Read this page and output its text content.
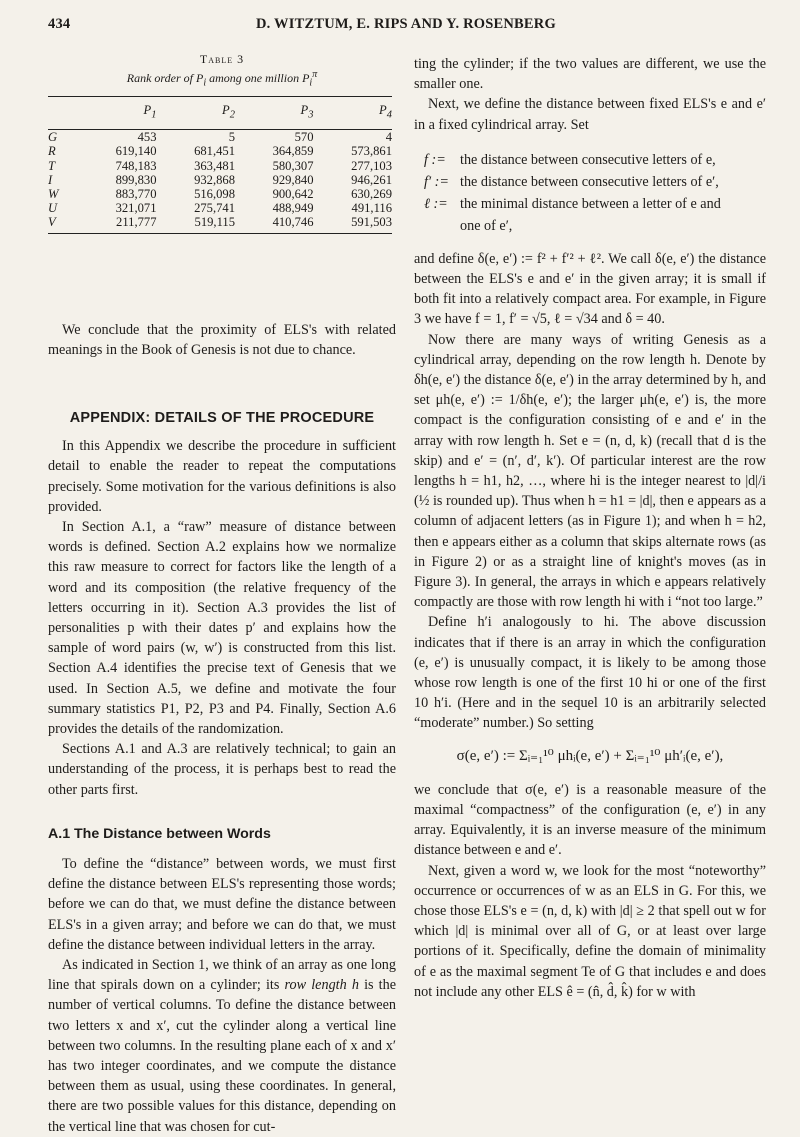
434	D. WITZTUM, E. RIPS AND Y. ROSENBERG
Table 3
Rank order of $P_i$ among one million $P_i^\pi$
	$P_1$	$P_2$	$P_3$	$P_4$
G	453	5	570	4
R	619,140	681,451	364,859	573,861
T	748,183	363,481	580,307	277,103
I	899,830	932,868	929,840	946,261
W	883,770	516,098	900,642	630,269
U	321,071	275,741	488,949	491,116
V	211,777	519,115	410,746	591,503

We conclude that the proximity of ELS's with related meanings in the Book of Genesis is not due to chance.

APPENDIX: DETAILS OF THE PROCEDURE

In this Appendix we describe the procedure in sufficient detail to enable the reader to repeat the computations precisely. Some motivation for the various definitions is also provided.

In Section A.1, a “raw” measure of distance between words is defined. Section A.2 explains how we normalize this raw measure to correct for factors like the length of a word and its composition (the relative frequency of the letters occurring in it). Section A.3 provides the list of personalities p with their dates p′ and explains how the sample of word pairs (w, w′) is constructed from this list. Section A.4 identifies the precise text of Genesis that we used. In Section A.5, we define and motivate the four summary statistics P1, P2, P3 and P4. Finally, Section A.6 provides the details of the randomization.

Sections A.1 and A.3 are relatively technical; to gain an understanding of the process, it is perhaps best to read the other parts first.

A.1 The Distance between Words

To define the “distance” between words, we must first define the distance between ELS's representing those words; before we can do that, we must define the distance between ELS's in a given array; and before we can do that, we must define the distance between individual letters in the array.

As indicated in Section 1, we think of an array as one long line that spirals down on a cylinder; its row length h is the number of vertical columns. To define the distance between two letters x and x′, cut the cylinder along a vertical line between two columns. In the resulting plane each of x and x′ has two integer coordinates, and we compute the distance between them as usual, using these coordinates. In general, there are two possible values for this distance, depending on the vertical line that was chosen for cut-

ting the cylinder; if the two values are different, we use the smaller one.

Next, we define the distance between fixed ELS's e and e′ in a fixed cylindrical array. Set

f :=	the distance between consecutive letters of e,
f′ := the distance between consecutive letters of e′,
ℓ := the minimal distance between a letter of e and
one of e′,

and define δ(e, e′) := f² + f′² + ℓ². We call δ(e, e′) the distance between the ELS's e and e′ in the given array; it is small if both fit into a relatively compact area. For example, in Figure 3 we have f = 1, f′ = √5, ℓ = √34 and δ = 40.

Now there are many ways of writing Genesis as a cylindrical array, depending on the row length h. Denote by δh(e, e′) the distance δ(e, e′) in the array determined by h, and set μh(e, e′) := 1/δh(e, e′); the larger μh(e, e′) is, the more compact is the configuration consisting of e and e′ in the array with row length h. Set e = (n, d, k) (recall that d is the skip) and e′ = (n′, d′, k′). Of particular interest are the row lengths h = h1, h2, …, where hi is the integer nearest to |d|/i (½ is rounded up). Thus when h = h1 = |d|, then e appears as a column of adjacent letters (as in Figure 1); and when h = h2, then e appears either as a column that skips alternate rows (as in Figure 2) or as a straight line of knight's moves (as in Figure 3). In general, the arrays in which e appears relatively compactly are those with row length hi with i “not too large.”

Define h′i analogously to hi. The above discussion indicates that if there is an array in which the configuration (e, e′) is unusually compact, it is likely to be among those whose row length is one of the first 10 hi or one of the first 10 h′i. (Here and in the sequel 10 is an arbitrarily selected “moderate” number.) So setting

σ(e, e′) := Σᵢ₌₁¹⁰ μhᵢ(e, e′) + Σᵢ₌₁¹⁰ μh′ᵢ(e, e′),

we conclude that σ(e, e′) is a reasonable measure of the maximal “compactness” of the configuration (e, e′) in any array. Equivalently, it is an inverse measure of the minimum distance between e and e′.

Next, given a word w, we look for the most “noteworthy” occurrence or occurrences of w as an ELS in G. For this, we chose those ELS's e = (n, d, k) with |d| ≥ 2 that spell out w for which |d| is minimal over all of G, or at least over large portions of it. Specifically, define the domain of minimality of e as the maximal segment Te of G that includes e and does not include any other ELS ê = (n̂, d̂, k̂) for w with
